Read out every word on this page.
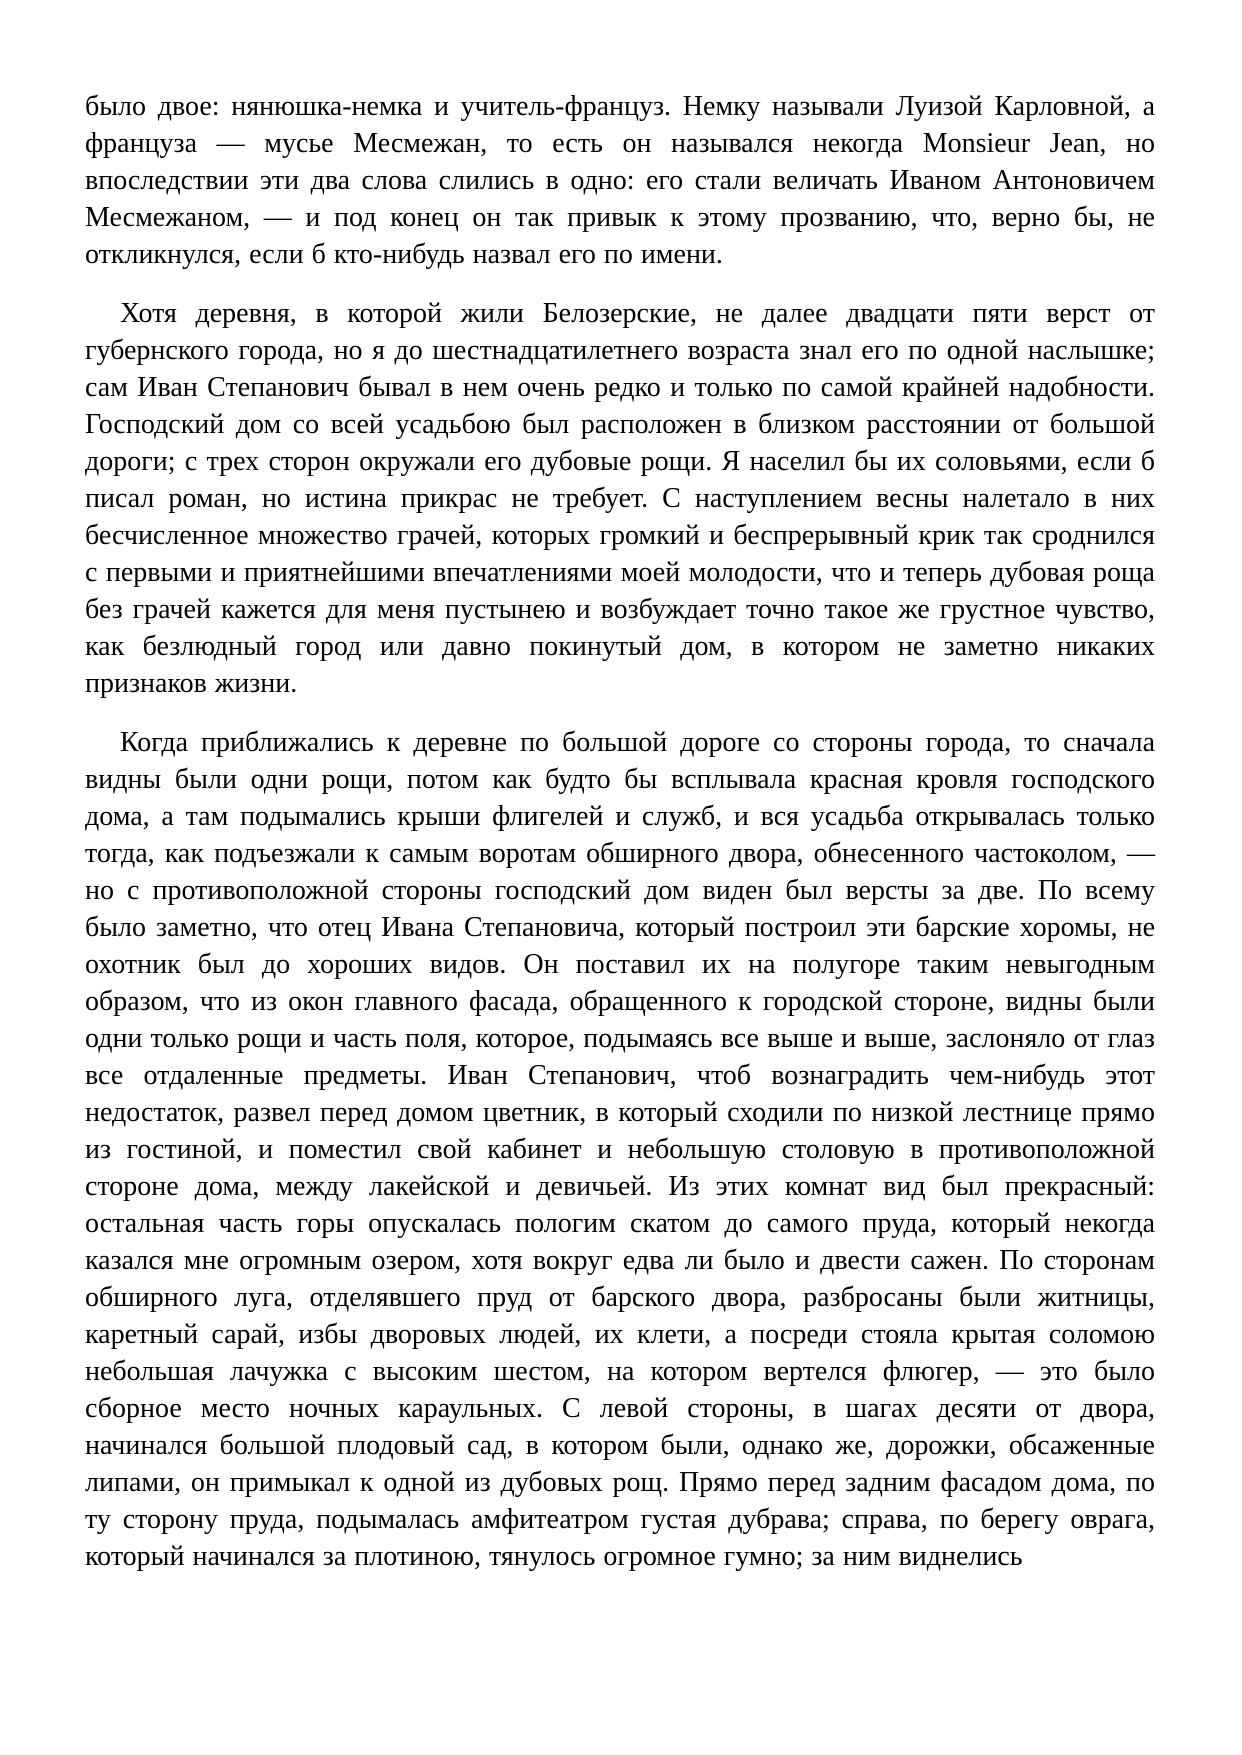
было двое: нянюшка-немка и учитель-француз. Немку называли Луизой Карловной, а француза — мусье Месмежан, то есть он назывался некогда Monsieur Jean, но впоследствии эти два слова слились в одно: его стали величать Иваном Антоновичем Месмежаном, — и под конец он так привык к этому прозванию, что, верно бы, не откликнулся, если б кто-нибудь назвал его по имени.

Хотя деревня, в которой жили Белозерские, не далее двадцати пяти верст от губернского города, но я до шестнадцатилетнего возраста знал его по одной наслышке; сам Иван Степанович бывал в нем очень редко и только по самой крайней надобности. Господский дом со всей усадьбою был расположен в близком расстоянии от большой дороги; с трех сторон окружали его дубовые рощи. Я населил бы их соловьями, если б писал роман, но истина прикрас не требует. С наступлением весны налетало в них бесчисленное множество грачей, которых громкий и беспрерывный крик так сроднился с первыми и приятнейшими впечатлениями моей молодости, что и теперь дубовая роща без грачей кажется для меня пустынею и возбуждает точно такое же грустное чувство, как безлюдный город или давно покинутый дом, в котором не заметно никаких признаков жизни.

Когда приближались к деревне по большой дороге со стороны города, то сначала видны были одни рощи, потом как будто бы всплывала красная кровля господского дома, а там подымались крыши флигелей и служб, и вся усадьба открывалась только тогда, как подъезжали к самым воротам обширного двора, обнесенного частоколом, — но с противоположной стороны господский дом виден был версты за две. По всему было заметно, что отец Ивана Степановича, который построил эти барские хоромы, не охотник был до хороших видов. Он поставил их на полугоре таким невыгодным образом, что из окон главного фасада, обращенного к городской стороне, видны были одни только рощи и часть поля, которое, подымаясь все выше и выше, заслоняло от глаз все отдаленные предметы. Иван Степанович, чтоб вознаградить чем-нибудь этот недостаток, развел перед домом цветник, в который сходили по низкой лестнице прямо из гостиной, и поместил свой кабинет и небольшую столовую в противоположной стороне дома, между лакейской и девичьей. Из этих комнат вид был прекрасный: остальная часть горы опускалась пологим скатом до самого пруда, который некогда казался мне огромным озером, хотя вокруг едва ли было и двести сажен. По сторонам обширного луга, отделявшего пруд от барского двора, разбросаны были житницы, каретный сарай, избы дворовых людей, их клети, а посреди стояла крытая соломою небольшая лачужка с высоким шестом, на котором вертелся флюгер, — это было сборное место ночных караульных. С левой стороны, в шагах десяти от двора, начинался большой плодовый сад, в котором были, однако же, дорожки, обсаженные липами, он примыкал к одной из дубовых рощ. Прямо перед задним фасадом дома, по ту сторону пруда, подымалась амфитеатром густая дубрава; справа, по берегу оврага, который начинался за плотиною, тянулось огромное гумно; за ним виднелись
